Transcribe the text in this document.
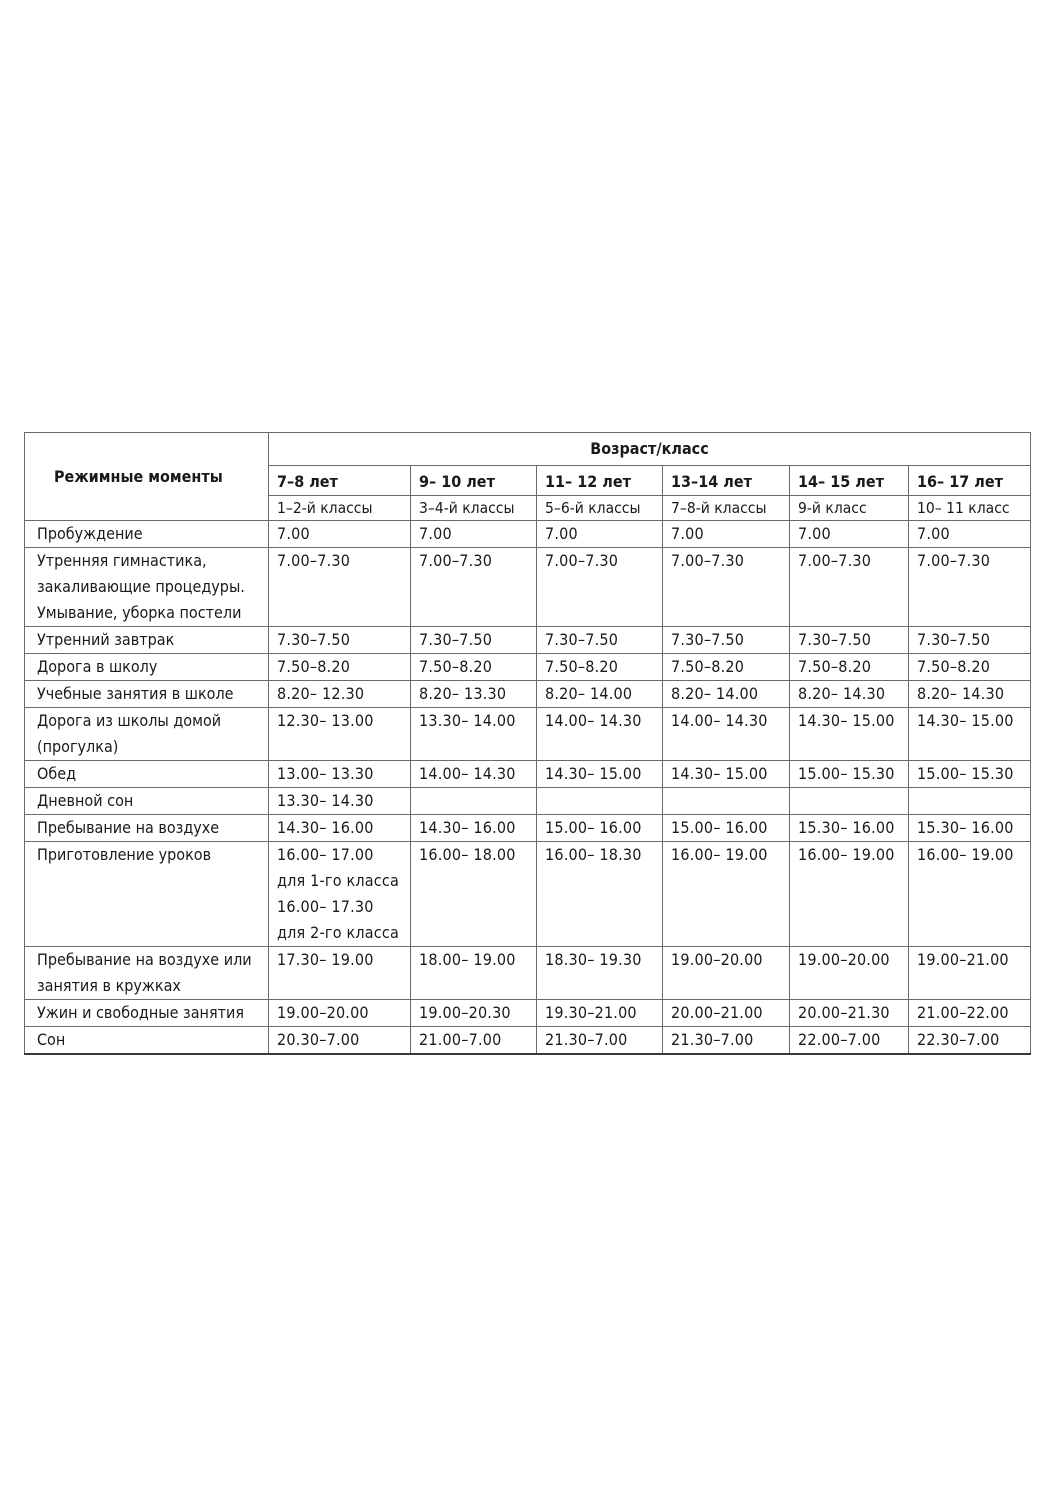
Режимные моменты	Возраст/класс					
	7–8 лет	9– 10 лет	11– 12 лет	13–14 лет	14– 15 лет	16– 17 лет
	1–2-й классы	3–4-й классы	5–6-й классы	7–8-й классы	9-й класс	10– 11 класс

Пробуждение	7.00	7.00	7.00	7.00	7.00	7.00

Утренняя гимнастика,
закаливающие процедуры.
Умывание, уборка постели	7.00–7.30	7.00–7.30	7.00–7.30	7.00–7.30	7.00–7.30	7.00–7.30

Утренний завтрак	7.30–7.50	7.30–7.50	7.30–7.50	7.30–7.50	7.30–7.50	7.30–7.50

Дорога в школу	7.50–8.20	7.50–8.20	7.50–8.20	7.50–8.20	7.50–8.20	7.50–8.20

Учебные занятия в школе	8.20– 12.30	8.20– 13.30	8.20– 14.00	8.20– 14.00	8.20– 14.30	8.20– 14.30

Дорога из школы домой
(прогулка)	12.30– 13.00	13.30– 14.00	14.00– 14.30	14.00– 14.30	14.30– 15.00	14.30– 15.00

Обед	13.00– 13.30	14.00– 14.30	14.30– 15.00	14.30– 15.00	15.00– 15.30	15.00– 15.30

Дневной сон	13.30– 14.30					

Пребывание на воздухе	14.30– 16.00	14.30– 16.00	15.00– 16.00	15.00– 16.00	15.30– 16.00	15.30– 16.00

Приготовление уроков	16.00– 17.00
для 1-го класса
16.00– 17.30
для 2-го класса	16.00– 18.00	16.00– 18.30	16.00– 19.00	16.00– 19.00	16.00– 19.00

Пребывание на воздухе или
занятия в кружках	17.30– 19.00	18.00– 19.00	18.30– 19.30	19.00–20.00	19.00–20.00	19.00–21.00

Ужин и свободные занятия	19.00–20.00	19.00–20.30	19.30–21.00	20.00–21.00	20.00–21.30	21.00–22.00

Сон	20.30–7.00	21.00–7.00	21.30–7.00	21.30–7.00	22.00–7.00	22.30–7.00
